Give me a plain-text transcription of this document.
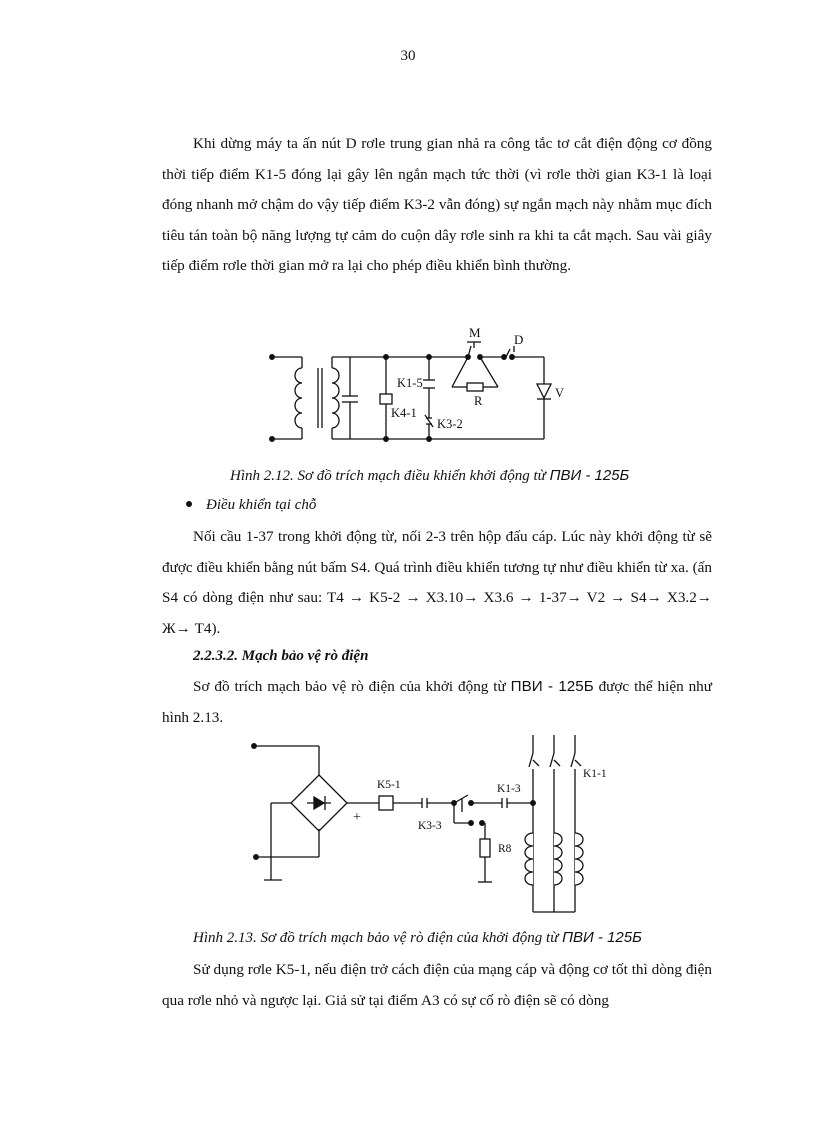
30
Khi dừng máy ta ấn nút D rơle trung gian nhả ra công tắc tơ cắt điện động cơ đồng thời tiếp điểm K1-5 đóng lại gây lên ngắn mạch tức thời (vì rơle thời gian K3-1 là loại đóng nhanh mở chậm do vậy tiếp điểm K3-2 vẫn đóng) sự ngắn mạch này nhằm mục đích tiêu tán toàn bộ năng lượng tự cảm do cuộn dây rơle sinh ra khi ta cắt mạch. Sau vài giây tiếp điểm rơle thời gian mở ra lại cho phép điều khiển bình thường.
M	D
K1-5
R
V
K4-1
K3-2
Hình 2.12. Sơ đồ trích mạch điều khiển khởi động từ ПВИ - 125Б
Điều khiển tại chỗ
Nối cầu 1-37 trong khởi động từ, nối 2-3 trên hộp đấu cáp. Lúc này khởi động từ sẽ được điều khiển bằng nút bấm S4. Quá trình điều khiển tương tự như điều khiển từ xa. (ấn S4 có dòng điện như sau: T4 → K5-2 → X3.10→ X3.6 → 1-37→ V2 → S4→ X3.2→ Ж→ T4).
2.2.3.2. Mạch bảo vệ rò điện
Sơ đồ trích mạch bảo vệ rò điện của khởi động từ ПВИ - 125Б được thể hiện như hình 2.13.
K5-1
+
K3-3
K1-3
K1-1
R8
Hình 2.13. Sơ đồ trích mạch bảo vệ rò điện của khởi động từ ПВИ - 125Б
Sử dụng rơle K5-1, nếu điện trở cách điện của mạng cáp và động cơ tốt thì dòng điện qua rơle nhỏ và ngược lại. Giả sử tại điểm A3 có sự cố rò điện sẽ có dòng
